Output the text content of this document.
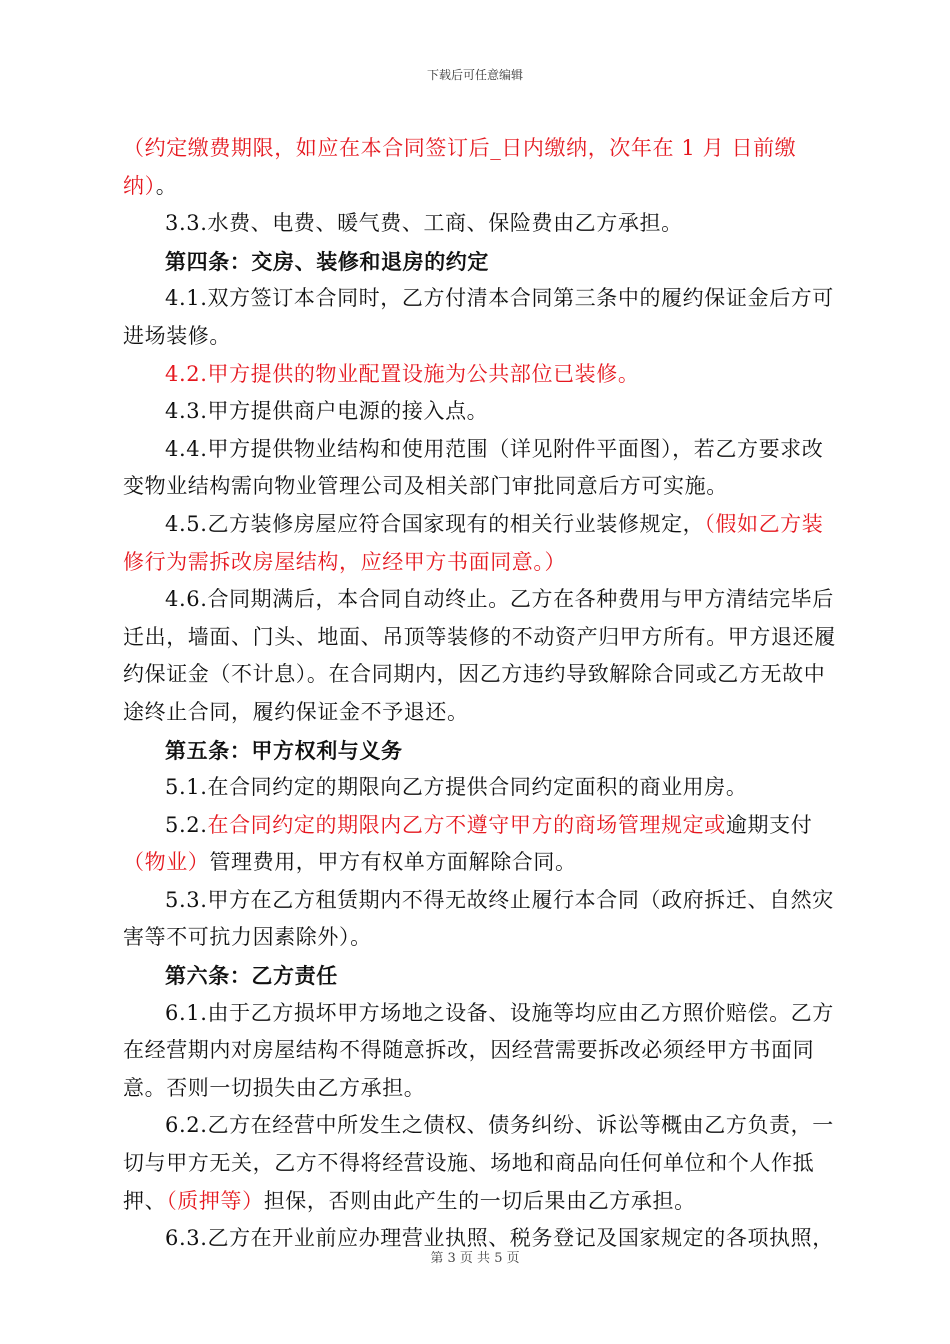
下载后可任意编辑

（约定缴费期限，如应在本合同签订后_日内缴纳，次年在 1 月 日前缴纳）。

3.3.水费、电费、暖气费、工商、保险费由乙方承担。

第四条：交房、装修和退房的约定

4.1.双方签订本合同时，乙方付清本合同第三条中的履约保证金后方可进场装修。

4.2.甲方提供的物业配置设施为公共部位已装修。

4.3.甲方提供商户电源的接入点。

4.4.甲方提供物业结构和使用范围（详见附件平面图），若乙方要求改变物业结构需向物业管理公司及相关部门审批同意后方可实施。

4.5.乙方装修房屋应符合国家现有的相关行业装修规定，（假如乙方装修行为需拆改房屋结构，应经甲方书面同意。）

4.6.合同期满后，本合同自动终止。乙方在各种费用与甲方清结完毕后迁出，墙面、门头、地面、吊顶等装修的不动资产归甲方所有。甲方退还履约保证金（不计息）。在合同期内，因乙方违约导致解除合同或乙方无故中途终止合同，履约保证金不予退还。

第五条：甲方权利与义务

5.1.在合同约定的期限向乙方提供合同约定面积的商业用房。

5.2.在合同约定的期限内乙方不遵守甲方的商场管理规定或逾期支付（物业）管理费用，甲方有权单方面解除合同。

5.3.甲方在乙方租赁期内不得无故终止履行本合同（政府拆迁、自然灾害等不可抗力因素除外）。

第六条：乙方责任

6.1.由于乙方损坏甲方场地之设备、设施等均应由乙方照价赔偿。乙方在经营期内对房屋结构不得随意拆改，因经营需要拆改必须经甲方书面同意。否则一切损失由乙方承担。

6.2.乙方在经营中所发生之债权、债务纠纷、诉讼等概由乙方负责，一切与甲方无关，乙方不得将经营设施、场地和商品向任何单位和个人作抵押、（质押等）担保，否则由此产生的一切后果由乙方承担。

6.3.乙方在开业前应办理营业执照、税务登记及国家规定的各项执照，

第 3 页 共 5 页
